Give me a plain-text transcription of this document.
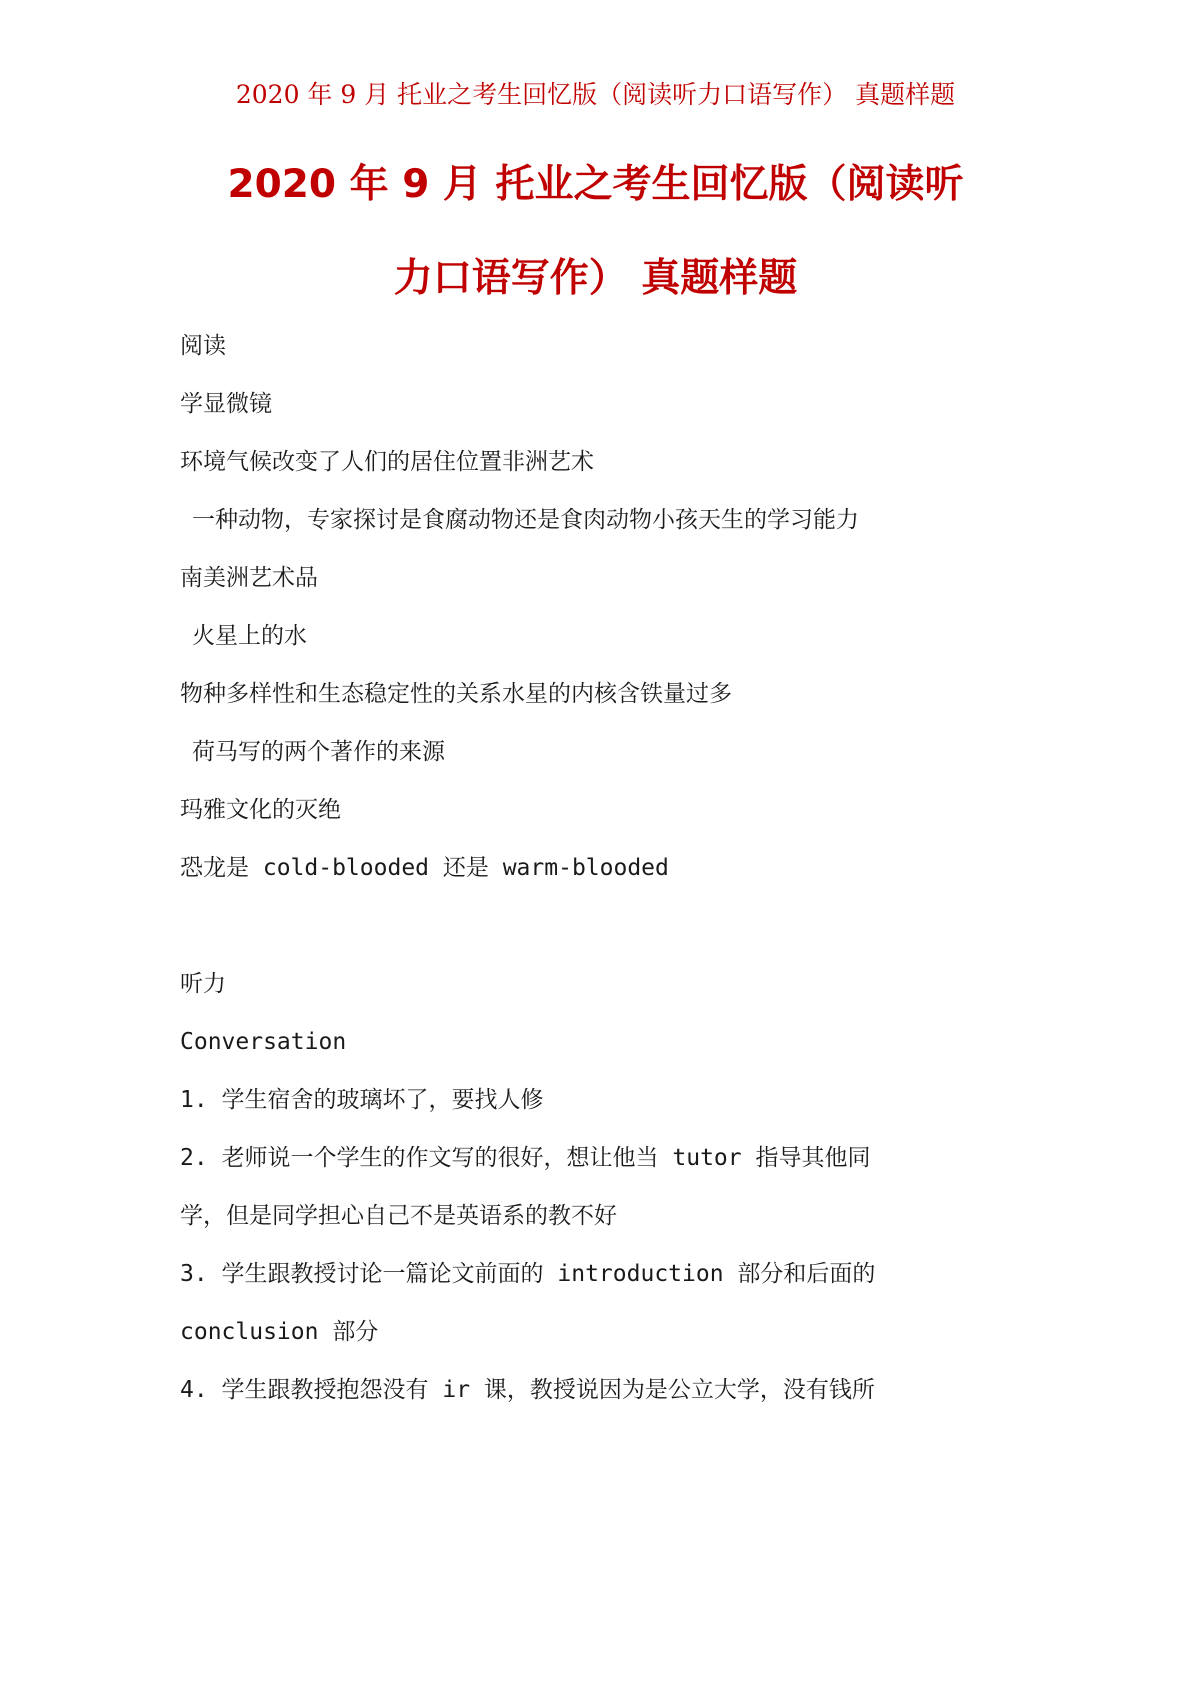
2020 年 9 月 托业之考生回忆版（阅读听力口语写作） 真题样题
2020 年 9 月 托业之考生回忆版（阅读听
力口语写作） 真题样题
阅读
学显微镜
环境气候改变了人们的居住位置非洲艺术
一种动物，专家探讨是食腐动物还是食肉动物小孩天生的学习能力
南美洲艺术品
火星上的水
物种多样性和生态稳定性的关系水星的内核含铁量过多
荷马写的两个著作的来源
玛雅文化的灭绝
恐龙是 cold-blooded 还是 warm-blooded
听力
Conversation
1. 学生宿舍的玻璃坏了，要找人修
2. 老师说一个学生的作文写的很好，想让他当 tutor 指导其他同
学，但是同学担心自己不是英语系的教不好
3. 学生跟教授讨论一篇论文前面的 introduction 部分和后面的
conclusion 部分
4. 学生跟教授抱怨没有 ir 课，教授说因为是公立大学，没有钱所
